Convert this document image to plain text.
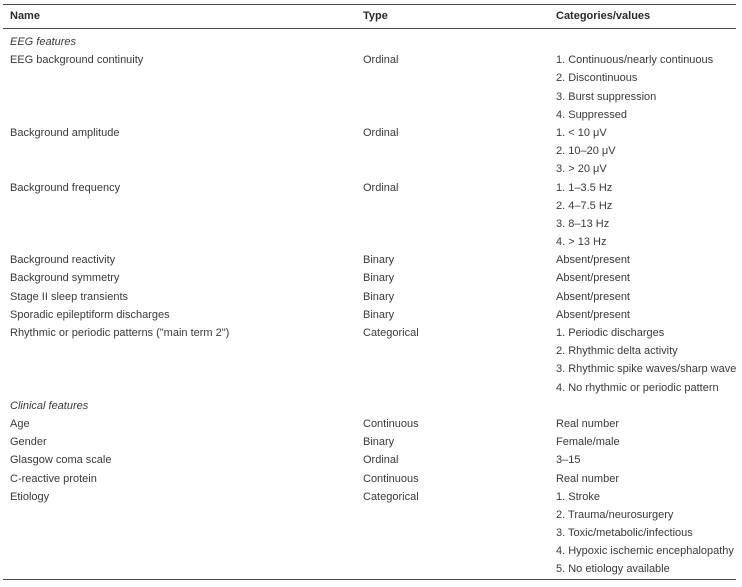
Name	Type	Categories/values
EEG features
EEG background continuity	Ordinal	1. Continuous/nearly continuous
2. Discontinuous
3. Burst suppression
4. Suppressed
Background amplitude	Ordinal	1. < 10 μV
2. 10–20 μV
3. > 20 μV
Background frequency	Ordinal	1. 1–3.5 Hz
2. 4–7.5 Hz
3. 8–13 Hz
4. > 13 Hz
Background reactivity	Binary	Absent/present
Background symmetry	Binary	Absent/present
Stage II sleep transients	Binary	Absent/present
Sporadic epileptiform discharges	Binary	Absent/present
Rhythmic or periodic patterns ("main term 2")	Categorical	1. Periodic discharges
2. Rhythmic delta activity
3. Rhythmic spike waves/sharp wave
4. No rhythmic or periodic pattern
Clinical features
Age	Continuous	Real number
Gender	Binary	Female/male
Glasgow coma scale	Ordinal	3–15
C-reactive protein	Continuous	Real number
Etiology	Categorical	1. Stroke
2. Trauma/neurosurgery
3. Toxic/metabolic/infectious
4. Hypoxic ischemic encephalopathy
5. No etiology available
